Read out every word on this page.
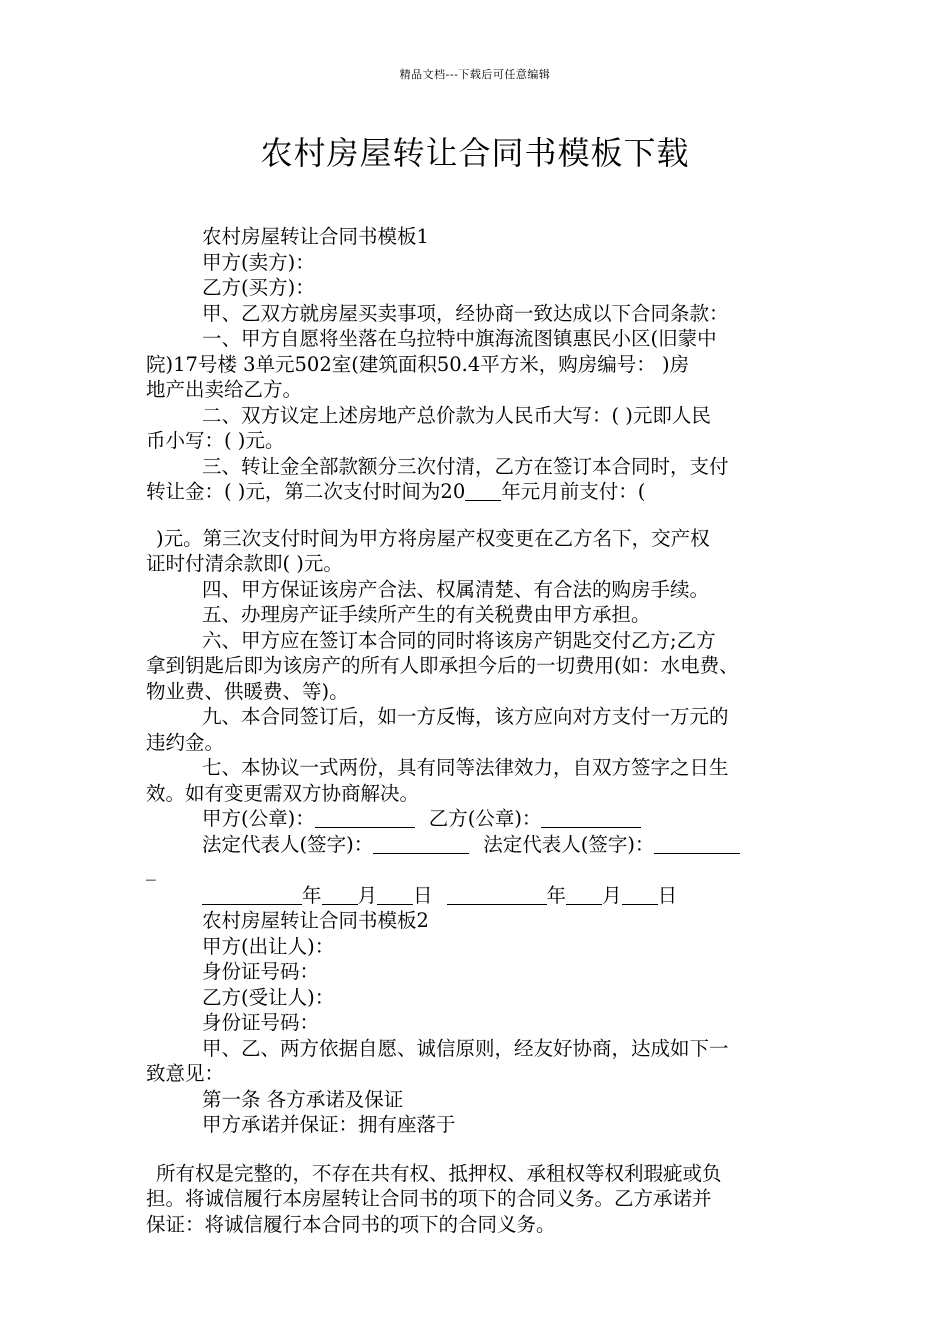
精品文档---下载后可任意编辑
农村房屋转让合同书模板下载
农村房屋转让合同书模板1
甲方(卖方)：
乙方(买方)：
甲、乙双方就房屋买卖事项，经协商一致达成以下合同条款：
一、甲方自愿将坐落在乌拉特中旗海流图镇惠民小区(旧蒙中
院)17号楼 3单元502室(建筑面积50.4平方米，购房编号： )房
地产出卖给乙方。
二、双方议定上述房地产总价款为人民币大写：( )元即人民
币小写：( )元。
三、转让金全部款额分三次付清，乙方在签订本合同时，支付
转让金：( )元，第二次支付时间为20 年元月前支付：(
)元。第三次支付时间为甲方将房屋产权变更在乙方名下，交产权
证时付清余款即( )元。
四、甲方保证该房产合法、权属清楚、有合法的购房手续。
五、办理房产证手续所产生的有关税费由甲方承担。
六、甲方应在签订本合同的同时将该房产钥匙交付乙方;乙方
拿到钥匙后即为该房产的所有人即承担今后的一切费用(如：水电费、
物业费、供暖费、等)。
九、本合同签订后，如一方反悔，该方应向对方支付一万元的
违约金。
七、本协议一式两份，具有同等法律效力，自双方签字之日生
效。如有变更需双方协商解决。
甲方(公章)：	乙方(公章)：
法定代表人(签字)：	法定代表人(签字)：
_
年 月 日	年 月 日
农村房屋转让合同书模板2
甲方(出让人)：
身份证号码：
乙方(受让人)：
身份证号码：
甲、乙、两方依据自愿、诚信原则，经友好协商，达成如下一
致意见：
第一条 各方承诺及保证
甲方承诺并保证：拥有座落于
所有权是完整的，不存在共有权、抵押权、承租权等权利瑕疵或负
担。将诚信履行本房屋转让合同书的项下的合同义务。乙方承诺并
保证：将诚信履行本合同书的项下的合同义务。
